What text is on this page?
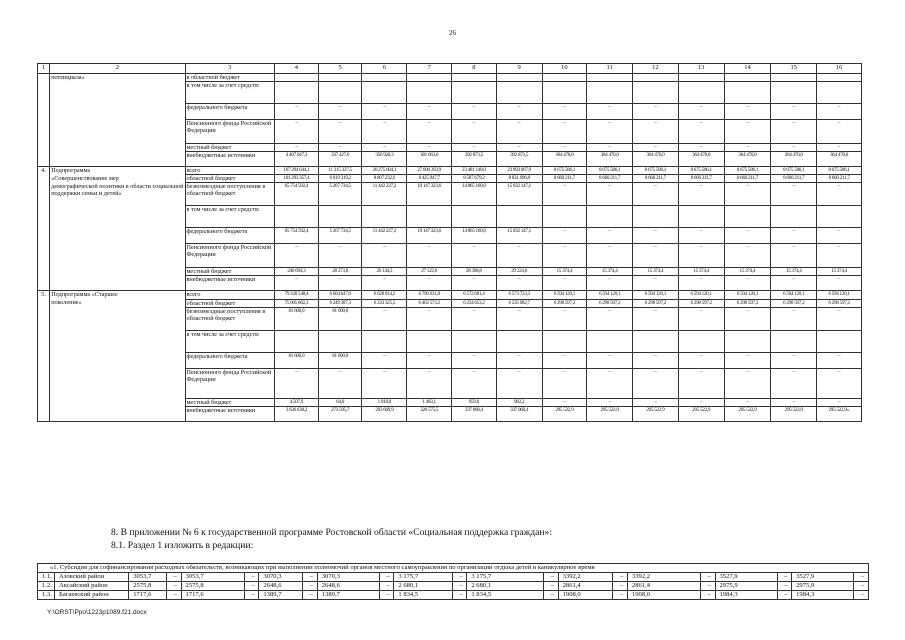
26
1	2	3	4	5	6	7	8	9	10	11	12	13	14	15	16
	потенциала»	в областной бюджет													
		в том числе за счет средств:													
		федерального бюджета	–	–	–	–	–	–	–	–	–	–	–	–	–
		Пенсионного фонда Российской Федерации	–	–	–	–	–	–	–	–	–	–	–	–	–
		местный бюджет	–	–	–	–	–	–	–	–	–	–	–	–	–
		внебюджетные источники	4 407 047,3	337 427,0	350 920,3	381 663,0	392 873,5	392 873,5	364 470,0	364 470,0	364 470,0	364 470,0	364 470,0	364 470,0	364 470,0
4.	Подпрограмма	всего	167 294 644,1	11 315 327,5	20 275 604,1	27 600 393,9	23 481 148,0	23 893 067,9	8 675 586,1	8 675 586,1	8 675 586,1	8 675 586,1	8 675 586,1	8 675 586,1	8 675 586,1
	«Совершенствование мер	областной бюджет	101 293 357,4	6 019 319,2	8 807 232,6	8 425 947,7	8 587 679,2	8 831 696,8	8 660 211,7	8 660 211,7	8 660 211,7	8 660 211,7	8 660 211,7	8 660 211,7	8 660 211,7
	демографической политики в области социальной поддержки семьи и детей»	безвозмездные поступления в областной бюджет	65 754 592,4	5 267 734,5	11 442 227,2	19 147 323,6	14 865 160,0	15 032 147,1	–	–	–	–	–	–	–
		в том числе за счет средств:													
		федерального бюджета	65 754 592,4	5 267 734,5	11 442 227,2	19 147 323,6	14 865 160,0	15 032 147,1	–	–	–	–	–	–	–
		Пенсионного фонда Российской Федерации	–	–	–	–	–	–	–	–	–	–	–	–	–
		местный бюджет	246 694,3	28 273,8	26 144,3	27 122,6	28 308,8	29 224,0	15 374,4	15 374,4	15 374,4	15 374,4	15 374,4	15 374,4	15 374,4
		внебюджетные источники	–	–	–	–	–	–	–	–	–	–	–	–	–
5.	Подпрограмма «Старшее	всего	79 328 548,4	6 604 647,0	6 628 014,2	6 790 631,8	6 572 681,4	6 573 733,3	6 594 120,1	6 594 120,1	6 594 120,1	6 594 120,1	6 594 120,1	6 594 120,1	6 594 120,1
	поколение»	областной бюджет	75 005 802,3	6 249 387,3	6 333 325,5	6 462 573,2	6 234 653,2	6 235 682,7	6 298 597,2	6 298 597,2	6 298 597,2	6 298 597,2	6 298 597,2	6 298 597,2	6 298 597,2
		безвозмездные поступления в областной бюджет	81 600,0	81 600,0	–	–	–	–	–	–	–	–	–	–	–
		в том числе за счет средств:													
		федерального бюджета	81 600,0	81 600,0	–	–	–	–	–	–	–	–	–	–	–
		Пенсионного фонда Российской Федерации	–	–	–	–	–	–	–	–	–	–	–	–	–
		местный бюджет	4 507,9	64,0	1 018,8	1 483,1	959,8	982,2	–	–	–	–	–	–	–
		внебюджетные источники	3 636 638,2	273 595,7	293 669,9	326 575,5	337 068,4	337 068,4	295 522,9	295 522,9	295 522,9	295 522,9	295 522,9	295 522,9	295 522,9».
8. В приложении № 6 к государственной программе Ростовской области «Социальная поддержка граждан»:
8.1. Раздел 1 изложить в редакции:
«1. Субсидия для софинансирования расходных обязательств, возникающих при выполнении полномочий органов местного самоуправления по организации отдыха детей в каникулярное время																					
1.1.	Азовский район	3053,7	–	3053,7	–	3070,3	–	3070,3	–	3 175,7	–	3 175,7	–	3392,2	–	3392,2	–	3527,9	–	3527,9	–
1.2.	Аксайский район	2575,8	–	2575,8	–	2648,6	–	2648,6	–	2 680,1	–	2 680,1	–	2861,4	–	2861,4	–	2975,9	–	2975,9	–
1.3.	Багаевский район	1717,6	–	1717,6	–	1389,7	–	1389,7	–	1 834,5	–	1 834,5	–	1908,0	–	1908,0	–	1984,3	–	1984,3	–
Y:\ORST\Ppo\1223p1089.f21.docx
